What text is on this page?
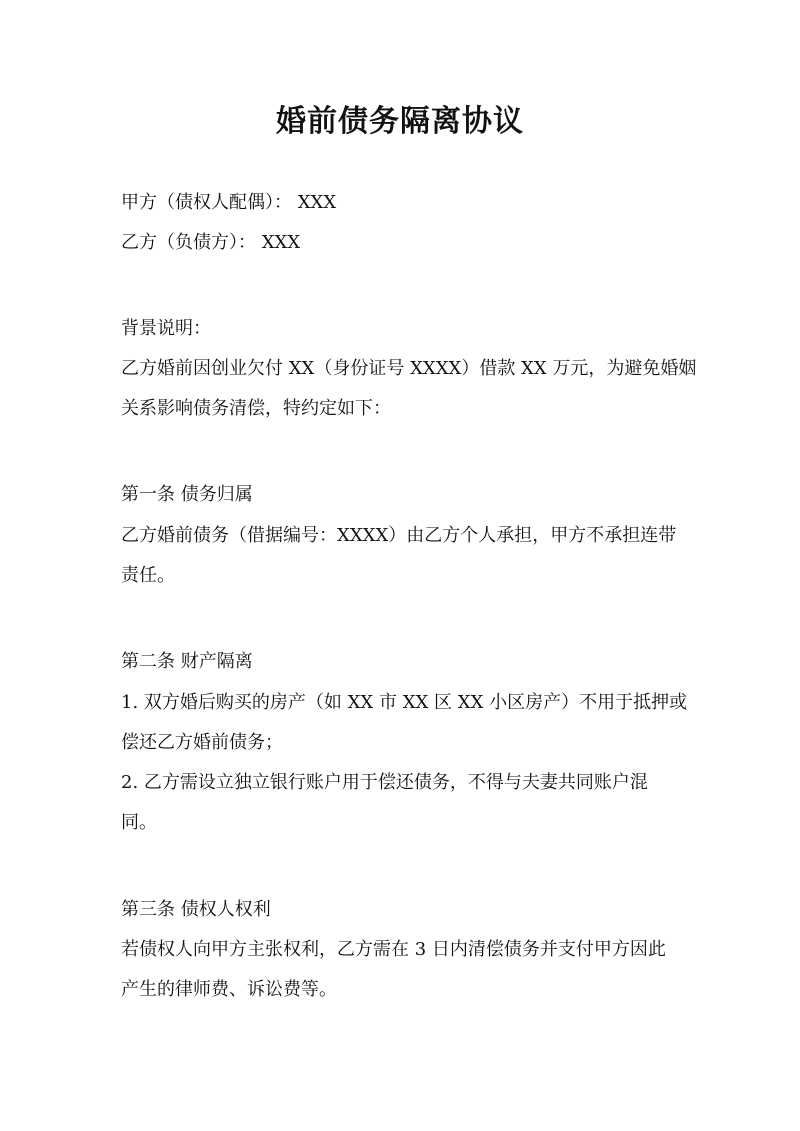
婚前债务隔离协议
甲方（债权人配偶）： XXX
乙方（负债方）： XXX
背景说明：
乙方婚前因创业欠付 XX（身份证号 XXXX）借款 XX 万元，为避免婚姻
关系影响债务清偿，特约定如下：
第一条 债务归属
乙方婚前债务（借据编号：XXXX）由乙方个人承担，甲方不承担连带
责任。
第二条 财产隔离
1. 双方婚后购买的房产（如 XX 市 XX 区 XX 小区房产）不用于抵押或
偿还乙方婚前债务；
2. 乙方需设立独立银行账户用于偿还债务，不得与夫妻共同账户混
同。
第三条 债权人权利
若债权人向甲方主张权利，乙方需在 3 日内清偿债务并支付甲方因此
产生的律师费、诉讼费等。
